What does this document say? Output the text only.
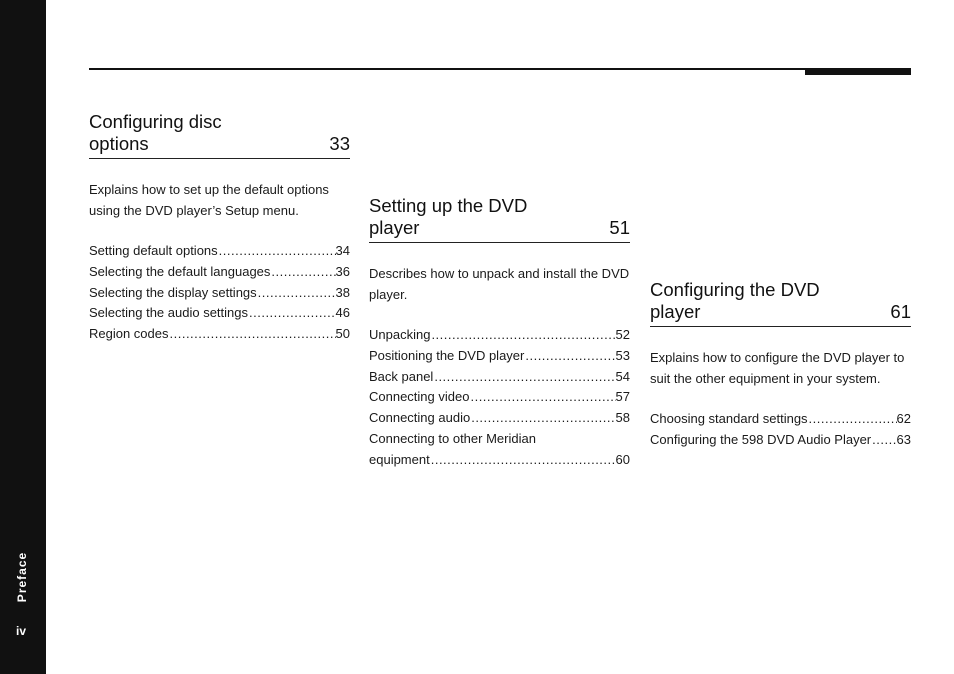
Preface
iv
Configuring disc
options	33

Explains how to set up the default options using the DVD player’s Setup menu.

Setting default options .....	34
Selecting the default languages .....	36
Selecting the display settings .....	38
Selecting the audio settings .....	46
Region codes .....	50
Setting up the DVD
player	51

Describes how to unpack and install the DVD player.

Unpacking .....	52
Positioning the DVD player .....	53
Back panel .....	54
Connecting video .....	57
Connecting audio .....	58
Connecting to other Meridian
equipment .....	60
Configuring the DVD
player	61

Explains how to configure the DVD player to suit the other equipment in your system.

Choosing standard settings .....	62
Configuring the 598 DVD Audio Player ..... 63
